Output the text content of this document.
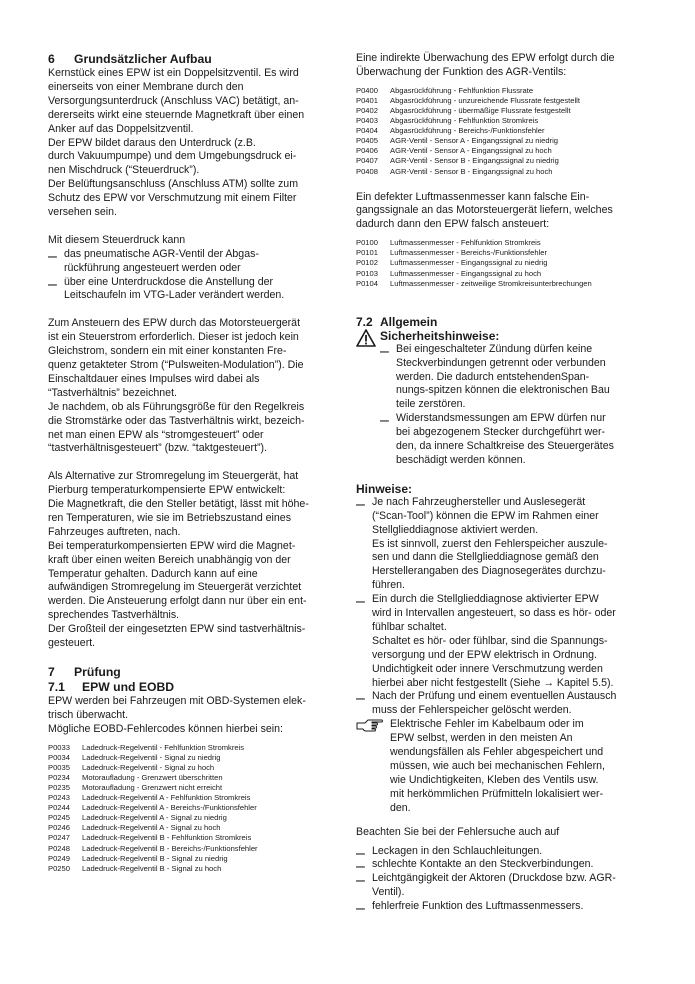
6 Grundsätzlicher Aufbau
Kernstück eines EPW ist ein Doppelsitzventil. Es wird
einerseits von einer Membrane durch den
Versorgungsunterdruck (Anschluss VAC) betätigt, an-
dererseits wirkt eine steuernde Magnetkraft über einen
Anker auf das Doppelsitzventil.
Der EPW bildet daraus den Unterdruck (z.B.
durch Vakuumpumpe) und dem Umgebungsdruck ei-
nen Mischdruck (“Steuerdruck”).
Der Belüftungsanschluss (Anschluss ATM) sollte zum
Schutz des EPW vor Verschmutzung mit einem Filter
versehen sein.
Mit diesem Steuerdruck kann
– das pneumatische AGR-Ventil der Abgas-
rückführung angesteuert werden oder
– über eine Unterdruckdose die Anstellung der
Leitschaufeln im VTG-Lader verändert werden.
Zum Ansteuern des EPW durch das Motorsteuergerät
ist ein Steuerstrom erforderlich. Dieser ist jedoch kein
Gleichstrom, sondern ein mit einer konstanten Fre-
quenz getakteter Strom (“Pulsweiten-Modulation”). Die
Einschaltdauer eines Impulses wird dabei als
“Tastverhältnis” bezeichnet.
Je nachdem, ob als Führungsgröße für den Regelkreis
die Stromstärke oder das Tastverhältnis wirkt, bezeich-
net man einen EPW als “stromgesteuert” oder
“tastverhältnisgesteuert” (bzw. “taktgesteuert”).
Als Alternative zur Stromregelung im Steuergerät, hat
Pierburg temperaturkompensierte EPW entwickelt:
Die Magnetkraft, die den Steller betätigt, lässt mit höhe-
ren Temperaturen, wie sie im Betriebszustand eines
Fahrzeuges auftreten, nach.
Bei temperaturkompensierten EPW wird die Magnet-
kraft über einen weiten Bereich unabhängig von der
Temperatur gehalten. Dadurch kann auf eine
aufwändigen Stromregelung im Steuergerät verzichtet
werden. Die Ansteuerung erfolgt dann nur über ein ent-
sprechendes Tastverhältnis.
Der Großteil der eingesetzten EPW sind tastverhältnis-
gesteuert.
7 Prüfung
7.1 EPW und EOBD
EPW werden bei Fahrzeugen mit OBD-Systemen elek-
trisch überwacht.
Mögliche EOBD-Fehlercodes können hierbei sein:
P0033 Ladedruck-Regelventil - Fehlfunktion Stromkreis
P0034 Ladedruck-Regelventil - Signal zu niedrig
P0035 Ladedruck-Regelventil - Signal zu hoch
P0234 Motoraufladung - Grenzwert überschritten
P0235 Motoraufladung - Grenzwert nicht erreicht
P0243 Ladedruck-Regelventil A - Fehlfunktion Stromkreis
P0244 Ladedruck-Regelventil A - Bereichs-/Funktionsfehler
P0245 Ladedruck-Regelventil A - Signal zu niedrig
P0246 Ladedruck-Regelventil A - Signal zu hoch
P0247 Ladedruck-Regelventil B - Fehlfunktion Stromkreis
P0248 Ladedruck-Regelventil B - Bereichs-/Funktionsfehler
P0249 Ladedruck-Regelventil B - Signal zu niedrig
P0250 Ladedruck-Regelventil B - Signal zu hoch
Eine indirekte Überwachung des EPW erfolgt durch die
Überwachung der Funktion des AGR-Ventils:
P0400 Abgasrückführung - Fehlfunktion Flussrate
P0401 Abgasrückführung - unzureichende Flussrate festgestellt
P0402 Abgasrückführung - übermäßige Flussrate festgestellt
P0403 Abgasrückführung - Fehlfunktion Stromkreis
P0404 Abgasrückführung - Bereichs-/Funktionsfehler
P0405 AGR-Ventil - Sensor A - Eingangssignal zu niedrig
P0406 AGR-Ventil - Sensor A - Eingangssignal zu hoch
P0407 AGR-Ventil - Sensor B - Eingangssignal zu niedrig
P0408 AGR-Ventil - Sensor B - Eingangssignal zu hoch
Ein defekter Luftmassenmesser kann falsche Ein-
gangssignale an das Motorsteuergerät liefern, welches
dadurch dann den EPW falsch ansteuert:
P0100 Luftmassenmesser - Fehlfunktion Stromkreis
P0101 Luftmassenmesser - Bereichs-/Funktionsfehler
P0102 Luftmassenmesser - Eingangssignal zu niedrig
P0103 Luftmassenmesser - Eingangssignal zu hoch
P0104 Luftmassenmesser - zeitweilige Stromkreisunterbrechungen
7.2 Allgemein
Sicherheitshinweise:
– Bei eingeschalteter Zündung dürfen keine
Steckverbindungen getrennt oder verbunden
werden. Die dadurch entstehendenSpan-
nungs-spitzen können die elektronischen Bau
teile zerstören.
– Widerstandsmessungen am EPW dürfen nur
bei abgezogenem Stecker durchgeführt wer-
den, da innere Schaltkreise des Steuergerätes
beschädigt werden können.
Hinweise:
– Je nach Fahrzeughersteller und Auslesegerät
(“Scan-Tool”) können die EPW im Rahmen einer
Stellglieddiagnose aktiviert werden.
Es ist sinnvoll, zuerst den Fehlerspeicher auszule-
sen und dann die Stellglieddiagnose gemäß den
Herstellerangaben des Diagnosegerätes durchzu-
führen.
– Ein durch die Stellglieddiagnose aktivierter EPW
wird in Intervallen angesteuert, so dass es hör- oder
fühlbar schaltet.
Schaltet es hör- oder fühlbar, sind die Spannungs-
versorgung und der EPW elektrisch in Ordnung.
Undichtigkeit oder innere Verschmutzung werden
hierbei aber nicht festgestellt (Siehe → Kapitel 5.5).
– Nach der Prüfung und einem eventuellen Austausch
muss der Fehlerspeicher gelöscht werden.
Elektrische Fehler im Kabelbaum oder im
EPW selbst, werden in den meisten An
wendungsfällen als Fehler abgespeichert und
müssen, wie auch bei mechanischen Fehlern,
wie Undichtigkeiten, Kleben des Ventils usw.
mit herkömmlichen Prüfmitteln lokalisiert wer-
den.
Beachten Sie bei der Fehlersuche auch auf
– Leckagen in den Schlauchleitungen.
– schlechte Kontakte an den Steckverbindungen.
– Leichtgängigkeit der Aktoren (Druckdose bzw. AGR-
Ventil).
– fehlerfreie Funktion des Luftmassenmessers.
